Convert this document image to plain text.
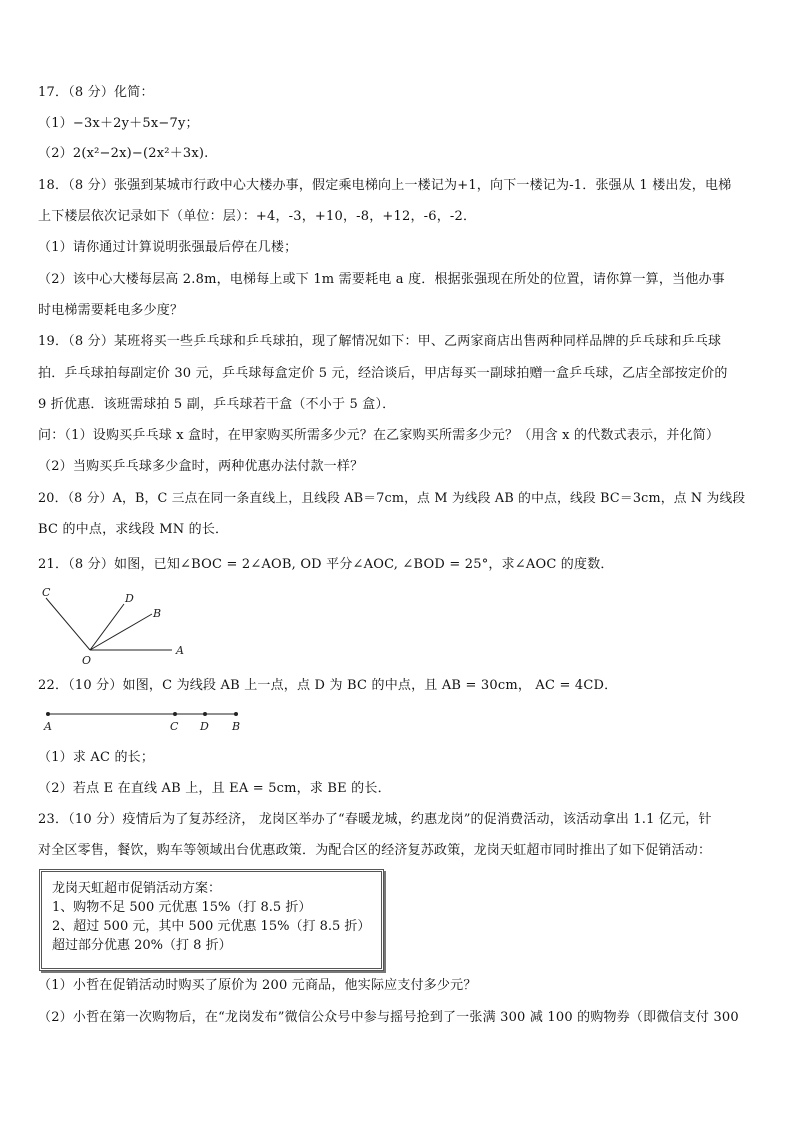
17．（8 分）化简：
（1）−3x＋2y＋5x−7y；
（2）2(x²−2x)−(2x²＋3x).
18．（8 分）张强到某城市行政中心大楼办事，假定乘电梯向上一楼记为+1，向下一楼记为-1．张强从 1 楼出发，电梯
上下楼层依次记录如下（单位：层）：+4，-3，+10，-8，+12，-6，-2．
（1）请你通过计算说明张强最后停在几楼；
（2）该中心大楼每层高 2.8m，电梯每上或下 1m 需要耗电 a 度．根据张强现在所处的位置，请你算一算，当他办事
时电梯需要耗电多少度？
19．（8 分）某班将买一些乒乓球和乒乓球拍，现了解情况如下：甲、乙两家商店出售两种同样品牌的乒乓球和乒乓球
拍．乒乓球拍每副定价 30 元，乒乓球每盒定价 5 元，经洽谈后，甲店每买一副球拍赠一盒乒乓球，乙店全部按定价的
9 折优惠．该班需球拍 5 副，乒乓球若干盒（不小于 5 盒）．
问：（1）设购买乒乓球 x 盒时，在甲家购买所需多少元？在乙家购买所需多少元？（用含 x 的代数式表示，并化简）
（2）当购买乒乓球多少盒时，两种优惠办法付款一样？
20．（8 分）A，B，C 三点在同一条直线上，且线段 AB＝7cm，点 M 为线段 AB 的中点，线段 BC＝3cm，点 N 为线段
BC 的中点，求线段 MN 的长．
21．（8 分）如图，已知∠BOC = 2∠AOB, OD 平分∠AOC, ∠BOD = 25°，求∠AOC 的度数．
C	D
B
A
O
22．（10 分）如图，C 为线段 AB 上一点，点 D 为 BC 的中点，且 AB = 30cm， AC = 4CD．
A	C D B
（1）求 AC 的长；
（2）若点 E 在直线 AB 上，且 EA = 5cm，求 BE 的长．
23．（10 分）疫情后为了复苏经济， 龙岗区举办了“春暖龙城，约惠龙岗”的促消费活动，该活动拿出 1.1 亿元，针
对全区零售，餐饮，购车等领域出台优惠政策．为配合区的经济复苏政策，龙岗天虹超市同时推出了如下促销活动：
龙岗天虹超市促销活动方案：
1、购物不足 500 元优惠 15%（打 8.5 折）
2、超过 500 元，其中 500 元优惠 15%（打 8.5 折）
超过部分优惠 20%（打 8 折）
（1）小哲在促销活动时购买了原价为 200 元商品，他实际应支付多少元？
（2）小哲在第一次购物后，在“龙岗发布”微信公众号中参与摇号抢到了一张满 300 减 100 的购物券（即微信支付 300
